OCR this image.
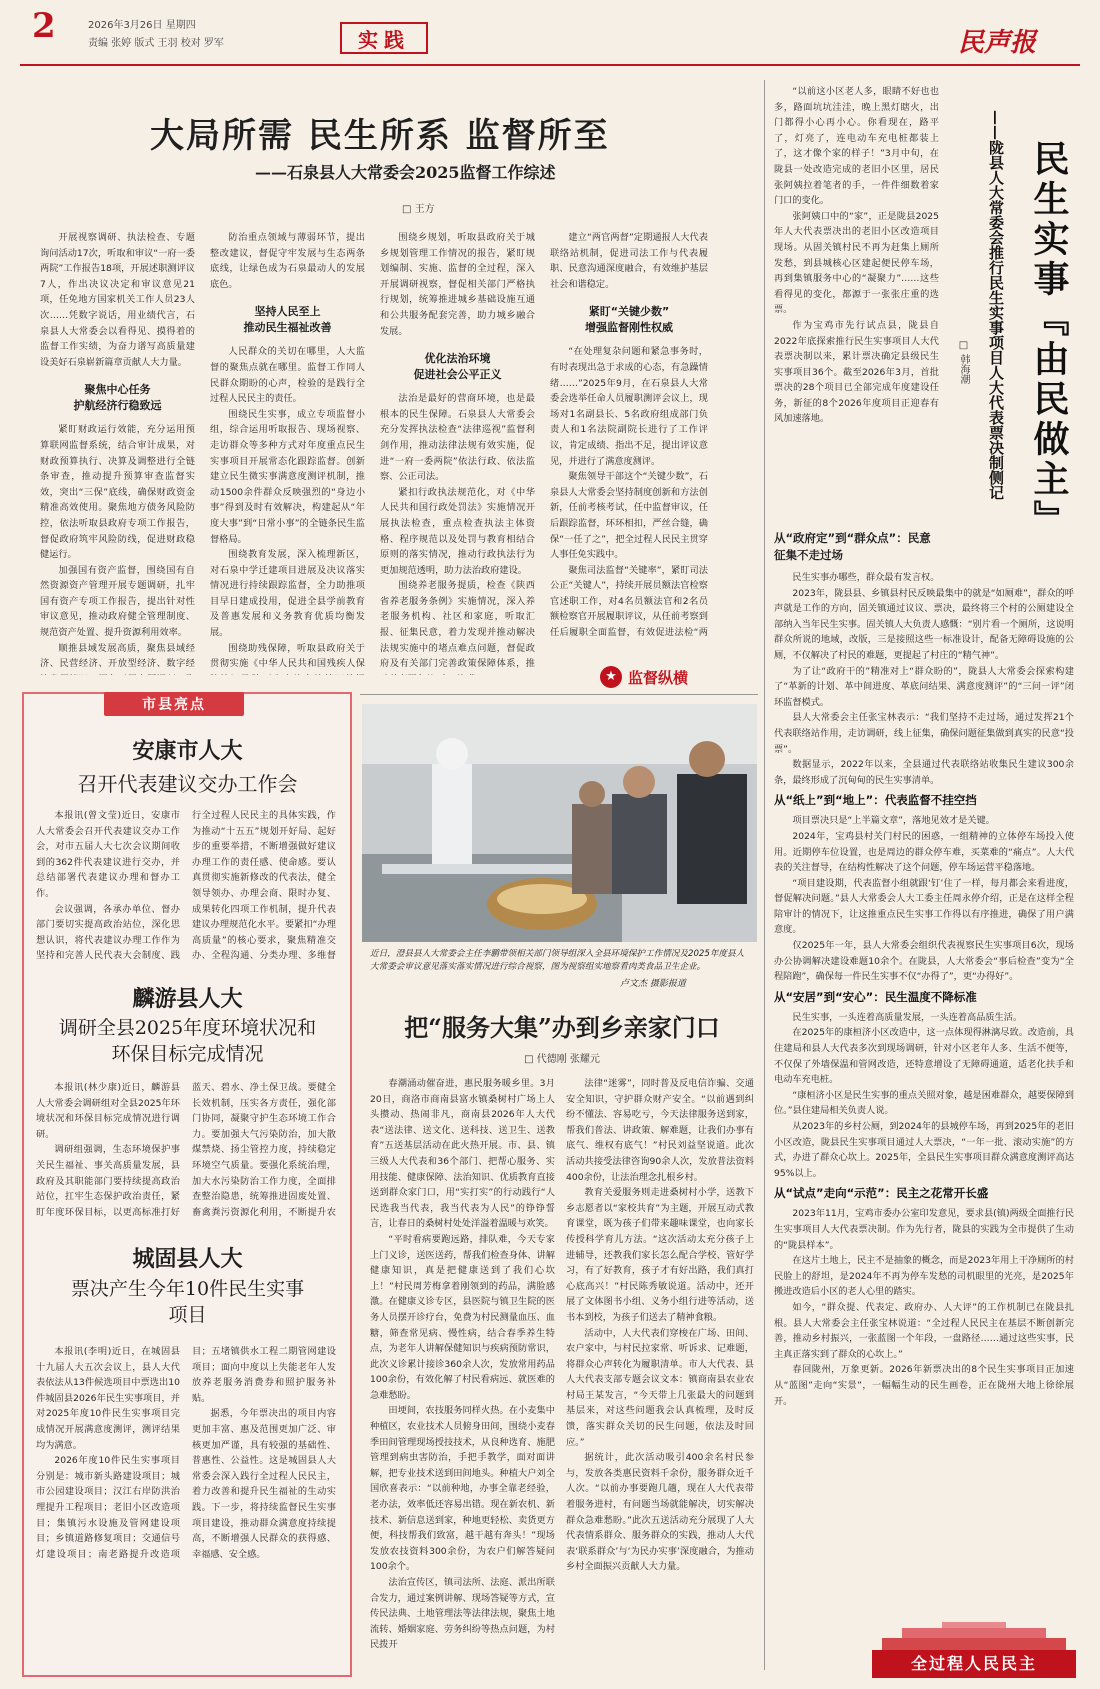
2	2026年3月26日 星期四
责编 张婷 版式 王羽 校对 罗军	实践	民声报
大局所需 民生所系 监督所至
——石泉县人大常委会2025监督工作综述
□ 王方

开展视察调研、执法检查、专题询问活动17次，听取和审议“一府一委两院”工作报告18项，开展述职测评议7人，作出决议决定和审议意见21项，任免地方国家机关工作人员23人次……凭数字说话，用业绩代言，石泉县人大常委会以看得见、摸得着的监督工作实绩，为奋力谱写高质量建设美好石泉崭新篇章贡献人大力量。

聚焦中心任务
护航经济行稳致远

紧盯财政运行效能，充分运用预算联网监督系统，结合审计成果，对财政预算执行、决算及调整进行全链条审查，推动提升预算审查监督实效，突出“三保”底线，确保财政资金精准高效使用。聚焦地方债务风险防控，依法听取县政府专项工作报告，督促政府筑牢风险防线，促进财政稳健运行。

加强国有资产监督，围绕国有自然资源资产管理开展专题调研，扎牢国有资产专项工作报告，提出针对性审议意见，推动政府健全管理制度、规范资产处置、提升资源利用效率。

顺推县域发展高质，聚焦县域经济、民营经济、开放型经济、数字经

防治重点领域与薄弱环节，提出整改建议，督促守牢发展与生态两条底线，让绿色成为石泉最动人的发展底色。

坚持人民至上
推动民生福祉改善

人民群众的关切在哪里，人大监督的聚焦点就在哪里。监督工作同人民群众期盼的心声，检验的是践行全过程人民民主的责任。

围绕民生实事，成立专项监督小组，综合运用听取报告、现场视察、走访群众等多种方式对年度重点民生实事项目开展常态化跟踪监督。创新建立民生微实事满意度测评机制，推动1500余件群众反映强烈的“身边小事”得到及时有效解决，构建起从“年度大事”到“日常小事”的全链条民生监督格局。

围绕教育发展，深入梳理新区，对石泉中学迁建项目进展及决议落实情况进行持续跟踪监督，全力助推项目早日建成投用，促进全县学前教育及普惠发展和义务教育优质均衡发展。

围绕助残保障，听取县政府关于贯彻实施《中华人民共和国残疾人保

围绕乡规划，听取县政府关于城乡规划管理工作情况的报告，紧盯规划编制、实施、监督的全过程，深入开展调研视察，督促相关部门严格执行规划，统筹推进城乡基础设施互通和公共服务配套完善，助力城乡融合发展。

优化法治环境
促进社会公平正义

法治是最好的营商环境，也是最根本的民生保障。石泉县人大常委会充分发挥执法检查“法律巡视”监督利剑作用，推动法律法规有效实施，促进“一府一委两院”依法行政、依法监察、公正司法。

紧扣行政执法规范化，对《中华人民共和国行政处罚法》实施情况开展执法检查，重点检查执法主体资格、程序规范以及处罚与教育相结合原则的落实情况，推动行政执法行为更加规范透明，助力法治政府建设。

围绕养老服务提质，检查《陕西省养老服务条例》实施情况，深入养老服务机构、社区和家庭，听取汇报、征集民意，着力发现并推动解决法规实施中的堵点难点问题，督促政府及有关部门完善政策保障体系，推

建立“两官两督”定期通报人大代表联络站机制，促进司法工作与代表履职、民意沟通深度融合，有效维护基层社会和谐稳定。

紧盯“关键少数”
增强监督刚性权威

“在处理复杂问题和紧急事务时，有时表现出急于求成的心态，有急躁情绪……”2025年9月，在石泉县人大常委会选举任命人员履职测评会议上，现场对1名副县长、5名政府组成部门负责人和1名法院副院长进行了工作评议，肯定成绩、指出不足，提出评议意见，并进行了满意度测评。

聚焦领导干部这个“关键少数”，石泉县人大常委会坚持制度创新和方法创新，任前考核考试，任中监督审议，任后跟踪监督，环环相扣，严丝合缝，确保“一任了之”，把全过程人民民主贯穿人事任免实践中。

聚焦司法监督“关键率”，紧盯司法公正“关键人”，持续开展员额法官检察官述职工作，对4名员额法官和2名员额检察官开展履职评议，从任前考察到任后履职全面监督，有效促进法检“两

★ 监督纵横
近日，澄县县人大常委会主任李鹏带领相关部门领导组深入全县环境保护工作情况及2025年度县人大常委会审议意见落实落实情况进行综合视察，图为视察组实地察看肉类食品卫生企业。
卢文杰 摄影报道
市县亮点
安康市人大
召开代表建议交办工作会

本报讯(曾文莹)近日，安康市人大常委会召开代表建议交办工作会，对市五届人大七次会议期间收到的362件代表建议进行交办，并总结部署代表建议办理和督办工作。

会议强调，各承办单位、督办部门要切实提高政治站位，深化思想认识，将代表建议办理工作作为坚持和完善人民代表大会制度、践行全过程人民民主的具体实践，作为推动“十五五”规划开好局、起好步的重要举措，不断增强做好建议办理工作的责任感、使命感。要认真贯彻实施新修改的代表法，健全领导领办、办理会商、限时办复、成果转化四项工作机制，提升代表建议办理规范化水平。要紧扣“办理高质量”的核心要求，聚焦精准交办、全程沟通、分类办理、多维督

麟游县人大
调研全县2025年度环境状况和环保目标完成情况

本报讯(林少康)近日，麟游县人大常委会调研组对全县2025年环境状况和环保目标完成情况进行调研。

调研组强调，生态环境保护事关民生福祉、事关高质量发展，县政府及其职能部门要持续提高政治站位，扛牢生态保护政治责任，紧盯年度环保目标，以更高标准打好蓝天、碧水、净土保卫战。要健全长效机制，压实各方责任，强化部门协同，凝聚守护生态环境工作合力。要加强大气污染防治，加大散煤禁烧、扬尘管控力度，持续稳定环境空气质量。要强化系统治理，加大水污染防治工作力度，全面排查整治隐患，统筹推进固废处置、畜禽粪污资源化利用，不断提升农

城固县人大
票决产生今年10件民生实事项目

本报讯(李明)近日，在城固县十九届人大五次会议上，县人大代表依法从13件候选项目中票选出10件城固县2026年民生实事项目，并对2025年度10件民生实事项目完成情况开展满意度测评，测评结果均为满意。

2026年度10件民生实事项目分别是：城市新头路建设项目；城市公园建设项目；汉江右岸防洪治理提升工程项目；老旧小区改造项目；集镇污水设施及管网建设项目；乡镇道路修复项目；交通信号灯建设项目；南老路提升改造项目；五堵镇供水工程二期管网建设项目；面向中度以上失能老年人发放养老服务消费券和照护服务补贴。

据悉，今年票决出的项目内容更加丰富、惠及范围更加广泛、审核更加严谨，具有较强的基础性、普惠性、公益性。这是城固县人大常委会深入践行全过程人民民主，着力改善和提升民生福祉的生动实践。下一步，将持续监督民生实事项目建设，推动群众满意度持续提高，不断增强人民群众的获得感、幸福感、安全感。

把“服务大集”办到乡亲家门口
□ 代德刚 张耀元

春潮涌动催奋进，惠民服务暖乡里。3月20日，商洛市商南县富水镇桑树村广场上人头攒动、热闹非凡，商南县2026年人大代表“送法律、送文化、送科技、送卫生、送教育”五送基层活动在此火热开展。市、县、镇三级人大代表和36个部门、把帮心服务、实用技能、健康保障、法治知识、优质教育直接送到群众家门口，用“实打实”的行动践行“人民选我当代表，我当代表为人民”的铮铮誓言，让春日的桑树村处处洋溢着温暖与欢笑。

“平时看病要跑远路，排队难，今天专家上门义诊，送医送药，帮我们检查身体、讲解健康知识，真是把健康送到了我们心坎上！”村民周芳梅拿着刚领到的药品，满脸感激。在健康义诊专区，县医院与镇卫生院的医务人员摆开诊疗台，免费为村民测量血压、血糖，筛查常见病、慢性病，结合春季养生特点，为老年人讲解保健知识与疾病预防常识，此次义诊累计接诊360余人次，发放常用药品100余份，有效化解了村民看病远、就医难的急难愁盼。

田埂间，农技服务同样火热。在小麦集中种植区，农业技术人员俯身田间，围绕小麦春季田间管理现场授技技术，从良种选育、施肥管理到病虫害防治，手把手教学，面对面讲解，把专业技术送到田间地头。种植大户刘全国欣喜表示：“以前种地，办事全靠老经验，老办法，效率低还容易出错。现在新农机、新技术、新信息送到家，种地更轻松、卖货更方便，科技帮我们致富，越干越有奔头！”现场发放农技资料300余份，为农户们解答疑问100余个。

法治宣传区，镇司法所、法庭、派出所联合发力，通过案例讲解、现场答疑等方式，宣传民法典、土地管理法等法律法规，聚焦土地流转、婚姻家庭、劳务纠纷等热点问题，为村民拨开

法律“迷雾”，同时普及反电信诈骗、交通安全知识，守护群众财产安全。“以前遇到纠纷不懂法、容易吃亏，今天法律服务送到家，帮我们普法、讲政策、解难题，让我们办事有底气、维权有底气！”村民刘益坚说道。此次活动共接受法律咨询90余人次，发放普法资料400余份，让法治理念扎根乡村。

教育关爱服务则走进桑树村小学，送教下乡志愿者以“家校共育”为主题，开展互动式教育课堂，既为孩子们带来趣味课堂，也向家长传授科学育儿方法。“这次活动太充分孩子上进辅导，还教我们家长怎么配合学校、管好学习，有了好教育，孩子才有好出路，我们真打心底高兴！”村民陈秀敏说道。活动中，还开展了文体图书小组、义务小组行进等活动，送书本到校，为孩子们送去了精神食粮。

活动中，人大代表们穿梭在广场、田间、农户家中，与村民拉家常、听诉求、记难题，将群众心声转化为履职清单。市人大代表、县人大代表支部专题会议文本：镇商南县农业农村局王某发言，“今天带上几张最大的问题到基层来，对这些问题我会认真梳理，及时反馈，落实群众关切的民生问题，依法及时回应。”

据统计，此次活动吸引400余名村民参与，发放各类惠民资料千余份，服务群众近千人次。“以前办事要跑几趟，现在人大代表带着服务进村，有问题当场就能解决，切实解决群众急难愁盼。”此次五送活动充分展现了人大代表情系群众、服务群众的实践，推动人大代表‘联系群众’与‘为民办实事’深度融合，为推动乡村全面振兴贡献人大力量。

民生实事『由民做主』
——陇县人大常委会推行民生实事项目人大代表票决制侧记
□ 韩海潮

“以前这小区老人多，眼睛不好也也多，路面坑坑洼洼，晚上黑灯瞎火，出门都得小心再小心。你看现在，路平了，灯亮了，连电动车充电桩都装上了，这才像个家的样子！”3月中旬，在陇县一处改造完成的老旧小区里，居民张阿姨拉着笔者的手，一件件细数着家门口的变化。

张阿姨口中的“家”，正是陇县2025年人大代表票决出的老旧小区改造项目现场。从固关镇村民不再为赶集上厕所发愁，到县城核心区建起便民停车场，再到集镇服务中心的“凝聚力”……这些看得见的变化，都源于一张张庄重的选票。

作为宝鸡市先行试点县，陇县自2022年底探索推行民生实事项目人大代表票决制以来，累计票决确定县级民生实事项目36个。截至2026年3月，首批票决的28个项目已全部完成年度建设任务，新征的8个2026年度项目正迎春有风加速落地。

从“政府定”到“群众点”：民意征集不走过场

民生实事办哪些，群众最有发言权。

2023年，陇县县、乡镇县村民反映最集中的就是“如厕难”，群众的呼声就是工作的方向，固关镇通过议议、票决，最终将三个村的公厕建设全部纳入当年民生实事。固关镇人大负责人感慨：“别片看一个厕所，这说明群众所说的地域，改版，三是接照这些一标准设计，配备无障碍设施的公厕，不仅解决了村民的难题，更提起了村庄的“精气神”。

为了让“政府干的”精准对上“群众盼的”，陇县人大常委会探索构建了“革新的计划、革中间进度、革底问结果、满意度测评”的“三问一评”闭环监督模式。

县人大常委会主任张宝林表示：“我们坚持不走过场，通过发挥21个代表联络站作用，走访调研，线上征集，确保问题征集做到真实的民意“投票”。

数据显示，2022年以来，全县通过代表联络站收集民生建议300余条，最终形成了沉甸甸的民生实事清单。

从“纸上”到“地上”：代表监督不挂空挡

项目票决只是“上半篇文章”，落地见效才是关键。

2024年，宝鸡县村关门村民的困惑，一组精神的立体停车场投入使用。近期停车位设置，也是周边的群众停车难，买菜难的“痛点”。人大代表的关注督导，在结构性解决了这个问题，停车场运营平稳落地。

“项目建设期，代表监督小组就跟‘钉’住了一样，每月都会来看进度，督促解决问题。”县人大常委会人大工委主任周永停介绍，正是在这样全程陪审计的情况下，让这推重点民生实事工作得以有序推进，确保了用户满意度。

仅2025年一年，县人大常委会组织代表视察民生实事项目6次，现场办公协调解决建设难题10余个。在陇县，人大常委会“事后检查”变为“全程陪跑”，确保每一件民生实事不仅“办得了”，更“办得好”。

从“安居”到“安心”：民生温度不降标准

民生实事，一头连着高质量发展，一头连着高品质生活。

在2025年的康桓济小区改造中，这一点体现得淋漓尽致。改造前，具住建局和县人大代表多次到现场调研，针对小区老年人多、生活不便等，不仅保了外墙保温和管网改造，还特意增设了无障碍通道，适老化扶手和电动车充电桩。

“康桓济小区是民生实事的重点关照对象，越是困难群众，越要保障到位。”县住建局相关负责人说。

从2023年的乡村公厕，到2024年的县城停车场，再到2025年的老旧小区改造，陇县民生实事项目通过人大票决，“一年一批、滚动实施”的方式，办进了群众心坎上。2025年，全县民生实事项目群众满意度测评高达95%以上。

从“试点”走向“示范”：民主之花常开长盛

2023年11月，宝鸡市委办公室印发意见，要求县(镇)两级全面推行民生实事项目人大代表票决制。作为先行者，陇县的实践为全市提供了生动的“陇县样本”。

在这片土地上，民主不是抽象的概念，而是2023年用上干净厕所的村民脸上的舒坦，是2024年不再为停车发愁的司机眼里的光亮，是2025年搬进改造后小区的老人心里的踏实。

如今，“群众提、代表定、政府办、人大评”的工作机制已在陇县扎根。县人大常委会主任张宝林说道：“全过程人民民主在基层不断创新完善，推动乡村振兴，一张蓝图一个年段，一盘路径……通过这些实事，民主真正落实到了群众的心坎上。”

春回陇州，万象更新。2026年新票决出的8个民生实事项目正加速从“蓝图”走向“实景”，一幅幅生动的民生画卷，正在陇州大地上徐徐展开。

全过程人民民主
